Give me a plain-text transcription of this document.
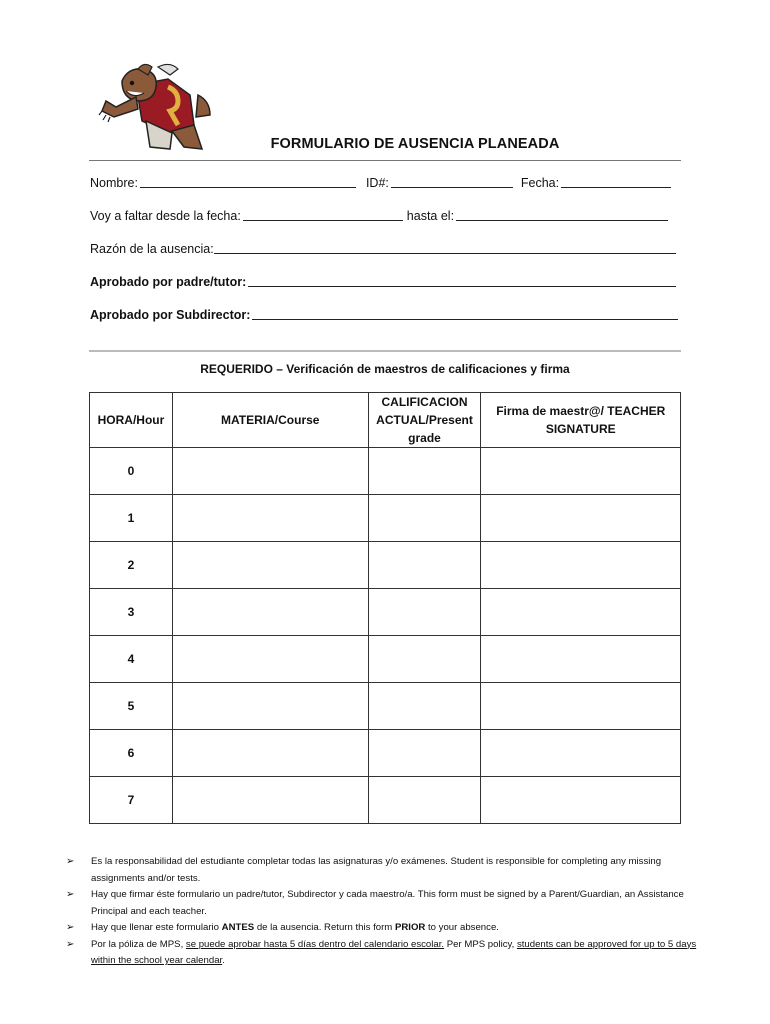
FORMULARIO DE AUSENCIA PLANEADA
Nombre:	ID#:	Fecha:
Voy a faltar desde la fecha:	hasta el:
Razón de la ausencia:
Aprobado por padre/tutor:
Aprobado por Subdirector:
REQUERIDO – Verificación de maestros de calificaciones y firma
HORA/Hour	MATERIA/Course	CALIFICACION ACTUAL/Present grade	Firma de maestr@/ TEACHER SIGNATURE
0			
1			
2			
3			
4			
5			
6			
7			
➢ Es la responsabilidad del estudiante completar todas las asignaturas y/o exámenes. Student is responsible for completing any missing assignments and/or tests.
➢ Hay que firmar éste formulario un padre/tutor, Subdirector y cada maestro/a. This form must be signed by a Parent/Guardian, an Assistance Principal and each teacher.
➢ Hay que llenar este formulario ANTES de la ausencia. Return this form PRIOR to your absence.
➢ Por la póliza de MPS, se puede aprobar hasta 5 días dentro del calendario escolar. Per MPS policy, students can be approved for up to 5 days within the school year calendar.
